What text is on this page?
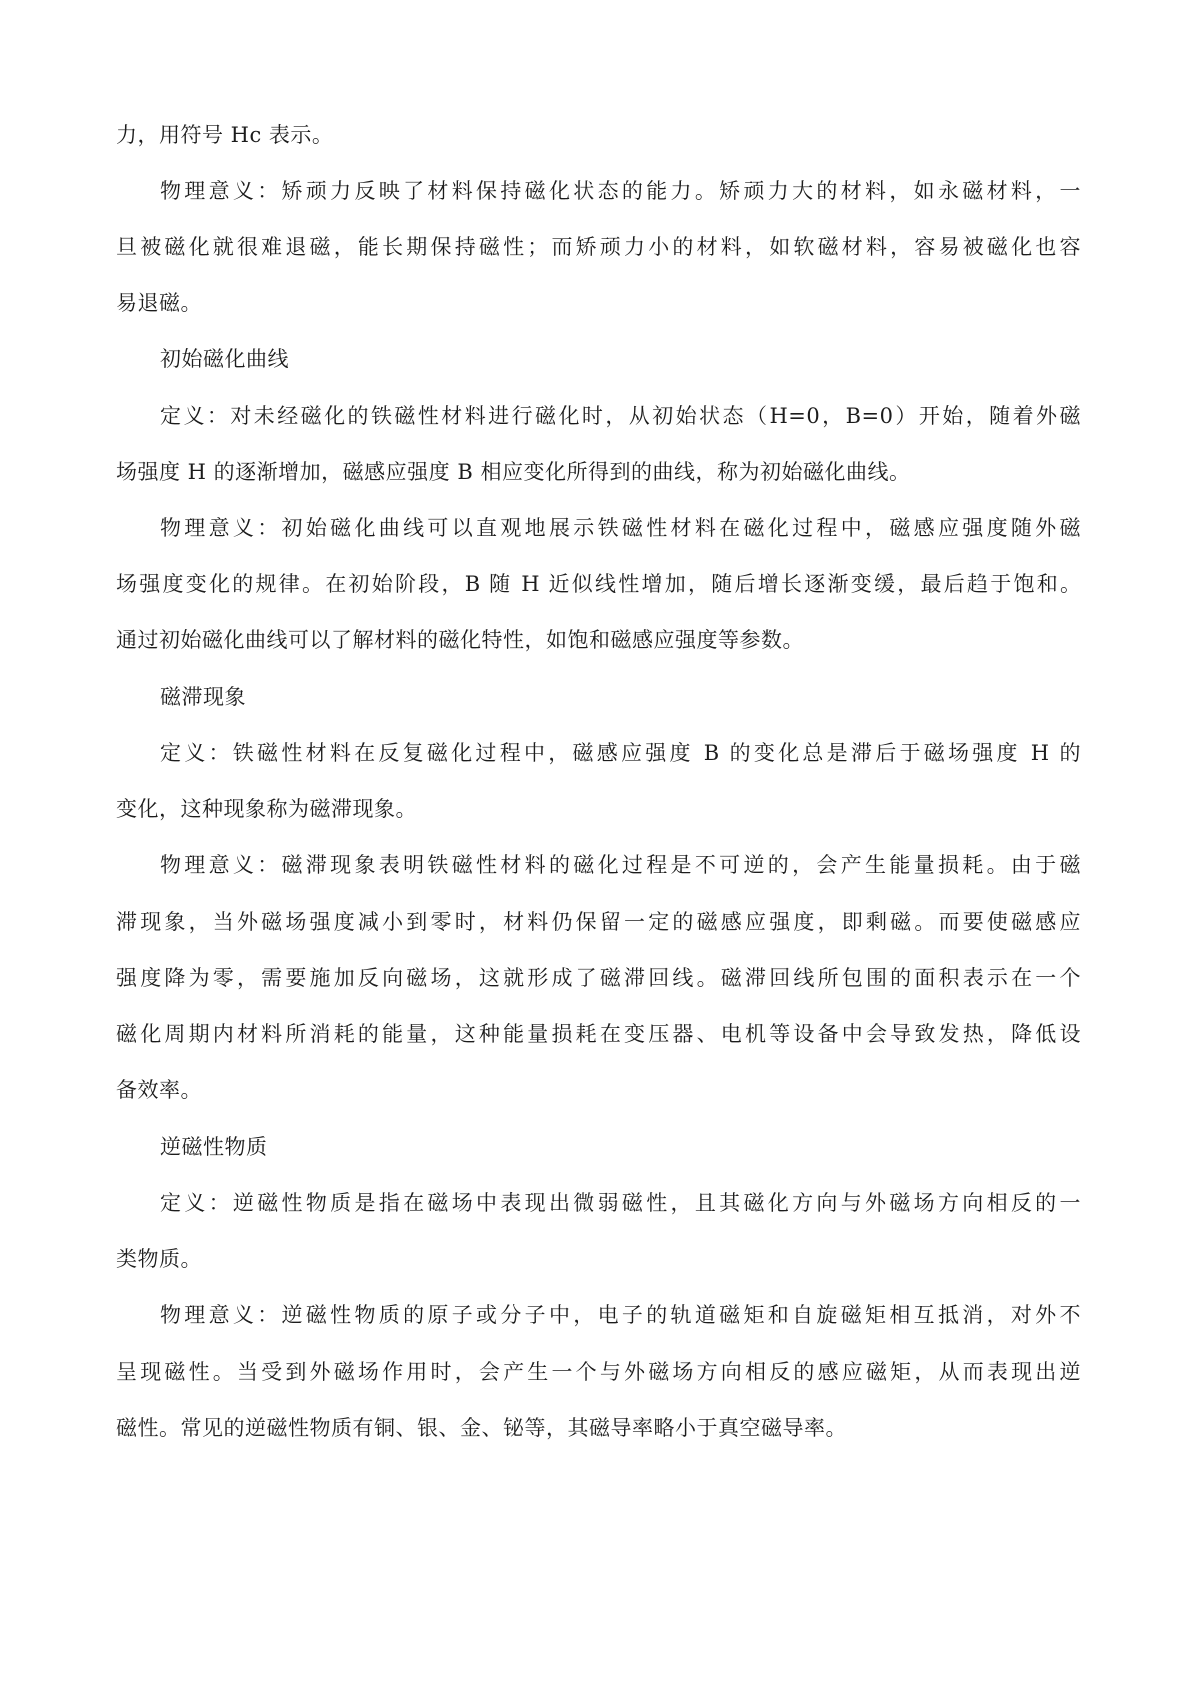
力，用符号 Hc 表示。

物理意义：矫顽力反映了材料保持磁化状态的能力。矫顽力大的材料，如永磁材料，一

旦被磁化就很难退磁，能长期保持磁性；而矫顽力小的材料，如软磁材料，容易被磁化也容

易退磁。

初始磁化曲线

定义：对未经磁化的铁磁性材料进行磁化时，从初始状态（H=0，B=0）开始，随着外磁

场强度 H 的逐渐增加，磁感应强度 B 相应变化所得到的曲线，称为初始磁化曲线。

物理意义：初始磁化曲线可以直观地展示铁磁性材料在磁化过程中，磁感应强度随外磁

场强度变化的规律。在初始阶段，B 随 H 近似线性增加，随后增长逐渐变缓，最后趋于饱和。

通过初始磁化曲线可以了解材料的磁化特性，如饱和磁感应强度等参数。

磁滞现象

定义：铁磁性材料在反复磁化过程中，磁感应强度 B 的变化总是滞后于磁场强度 H 的

变化，这种现象称为磁滞现象。

物理意义：磁滞现象表明铁磁性材料的磁化过程是不可逆的，会产生能量损耗。由于磁

滞现象，当外磁场强度减小到零时，材料仍保留一定的磁感应强度，即剩磁。而要使磁感应

强度降为零，需要施加反向磁场，这就形成了磁滞回线。磁滞回线所包围的面积表示在一个

磁化周期内材料所消耗的能量，这种能量损耗在变压器、电机等设备中会导致发热，降低设

备效率。

逆磁性物质

定义：逆磁性物质是指在磁场中表现出微弱磁性，且其磁化方向与外磁场方向相反的一

类物质。

物理意义：逆磁性物质的原子或分子中，电子的轨道磁矩和自旋磁矩相互抵消，对外不

呈现磁性。当受到外磁场作用时，会产生一个与外磁场方向相反的感应磁矩，从而表现出逆

磁性。常见的逆磁性物质有铜、银、金、铋等，其磁导率略小于真空磁导率。
